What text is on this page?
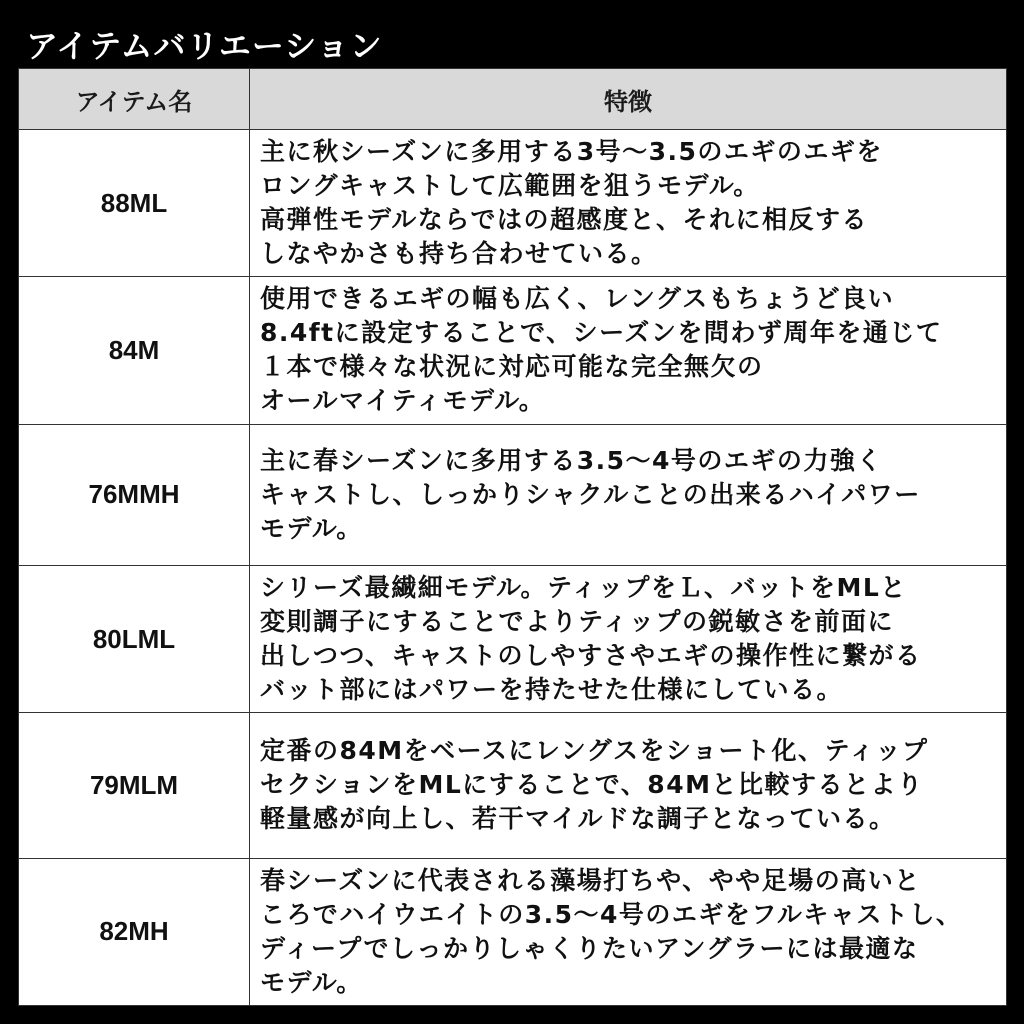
アイテムバリエーション
アイテム名	特徴
88ML	主に秋シーズンに多用する3号〜3.5のエギのエギを
ロングキャストして広範囲を狙うモデル。
高弾性モデルならではの超感度と、それに相反する
しなやかさも持ち合わせている。
84M	使用できるエギの幅も広く、レングスもちょうど良い
8.4ftに設定することで、シーズンを問わず周年を通じて
１本で様々な状況に対応可能な完全無欠の
オールマイティモデル。
76MMH	主に春シーズンに多用する3.5〜4号のエギの力強く
キャストし、しっかりシャクルことの出来るハイパワー
モデル。
80LML	シリーズ最繊細モデル。ティップをＬ、バットをMLと
変則調子にすることでよりティップの鋭敏さを前面に
出しつつ、キャストのしやすさやエギの操作性に繋がる
バット部にはパワーを持たせた仕様にしている。
79MLM	定番の84Mをベースにレングスをショート化、ティップ
セクションをMLにすることで、84Mと比較するとより
軽量感が向上し、若干マイルドな調子となっている。
82MH	春シーズンに代表される藻場打ちや、やや足場の高いと
ころでハイウエイトの3.5〜4号のエギをフルキャストし、
ディープでしっかりしゃくりたいアングラーには最適な
モデル。
